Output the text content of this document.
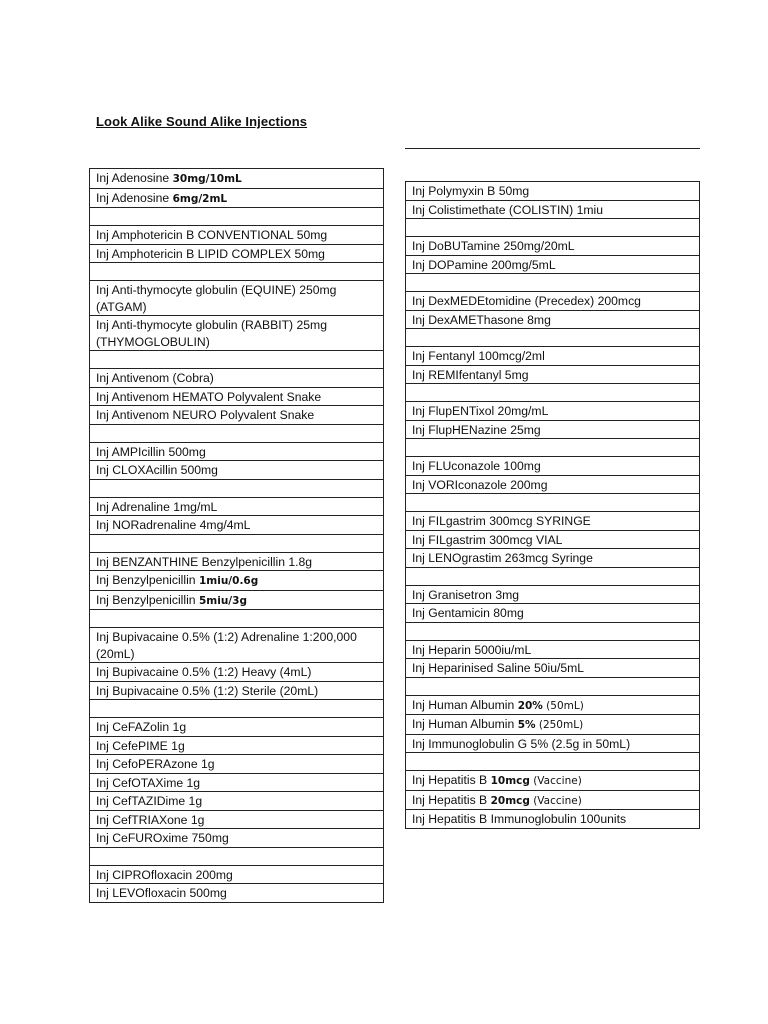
Look Alike Sound Alike Injections
Inj Adenosine 30mg/10mL
Inj Adenosine 6mg/2mL

Inj Amphotericin B CONVENTIONAL 50mg
Inj Amphotericin B LIPID COMPLEX 50mg

Inj Anti-thymocyte globulin (EQUINE) 250mg (ATGAM)
Inj Anti-thymocyte globulin (RABBIT) 25mg (THYMOGLOBULIN)

Inj Antivenom (Cobra)
Inj Antivenom HEMATO Polyvalent Snake
Inj Antivenom NEURO Polyvalent Snake

Inj AMPIcillin 500mg
Inj CLOXAcillin 500mg

Inj Adrenaline 1mg/mL
Inj NORadrenaline 4mg/4mL

Inj BENZANTHINE Benzylpenicillin 1.8g
Inj Benzylpenicillin 1miu/0.6g
Inj Benzylpenicillin 5miu/3g

Inj Bupivacaine 0.5% (1:2) Adrenaline 1:200,000 (20mL)
Inj Bupivacaine 0.5% (1:2) Heavy (4mL)
Inj Bupivacaine 0.5% (1:2) Sterile (20mL)

Inj CeFAZolin 1g
Inj CefePIME 1g
Inj CefoPERAzone 1g
Inj CefOTAXime 1g
Inj CefTAZIDime 1g
Inj CefTRIAXone 1g
Inj CeFUROxime 750mg

Inj CIPROfloxacin 200mg
Inj LEVOfloxacin 500mg
Inj Polymyxin B 50mg
Inj Colistimethate (COLISTIN) 1miu

Inj DoBUTamine 250mg/20mL
Inj DOPamine 200mg/5mL

Inj DexMEDEtomidine (Precedex) 200mcg
Inj DexAMEThasone 8mg

Inj Fentanyl 100mcg/2ml
Inj REMIfentanyl 5mg

Inj FlupENTixol 20mg/mL
Inj FlupHENazine 25mg

Inj FLUconazole 100mg
Inj VORIconazole 200mg

Inj FILgastrim 300mcg SYRINGE
Inj FILgastrim 300mcg VIAL
Inj LENOgrastim 263mcg Syringe

Inj Granisetron 3mg
Inj Gentamicin 80mg

Inj Heparin 5000iu/mL
Inj Heparinised Saline 50iu/5mL

Inj Human Albumin 20% (50mL)
Inj Human Albumin 5% (250mL)
Inj Immunoglobulin G 5% (2.5g in 50mL)

Inj Hepatitis B 10mcg (Vaccine)
Inj Hepatitis B 20mcg (Vaccine)
Inj Hepatitis B Immunoglobulin 100units
